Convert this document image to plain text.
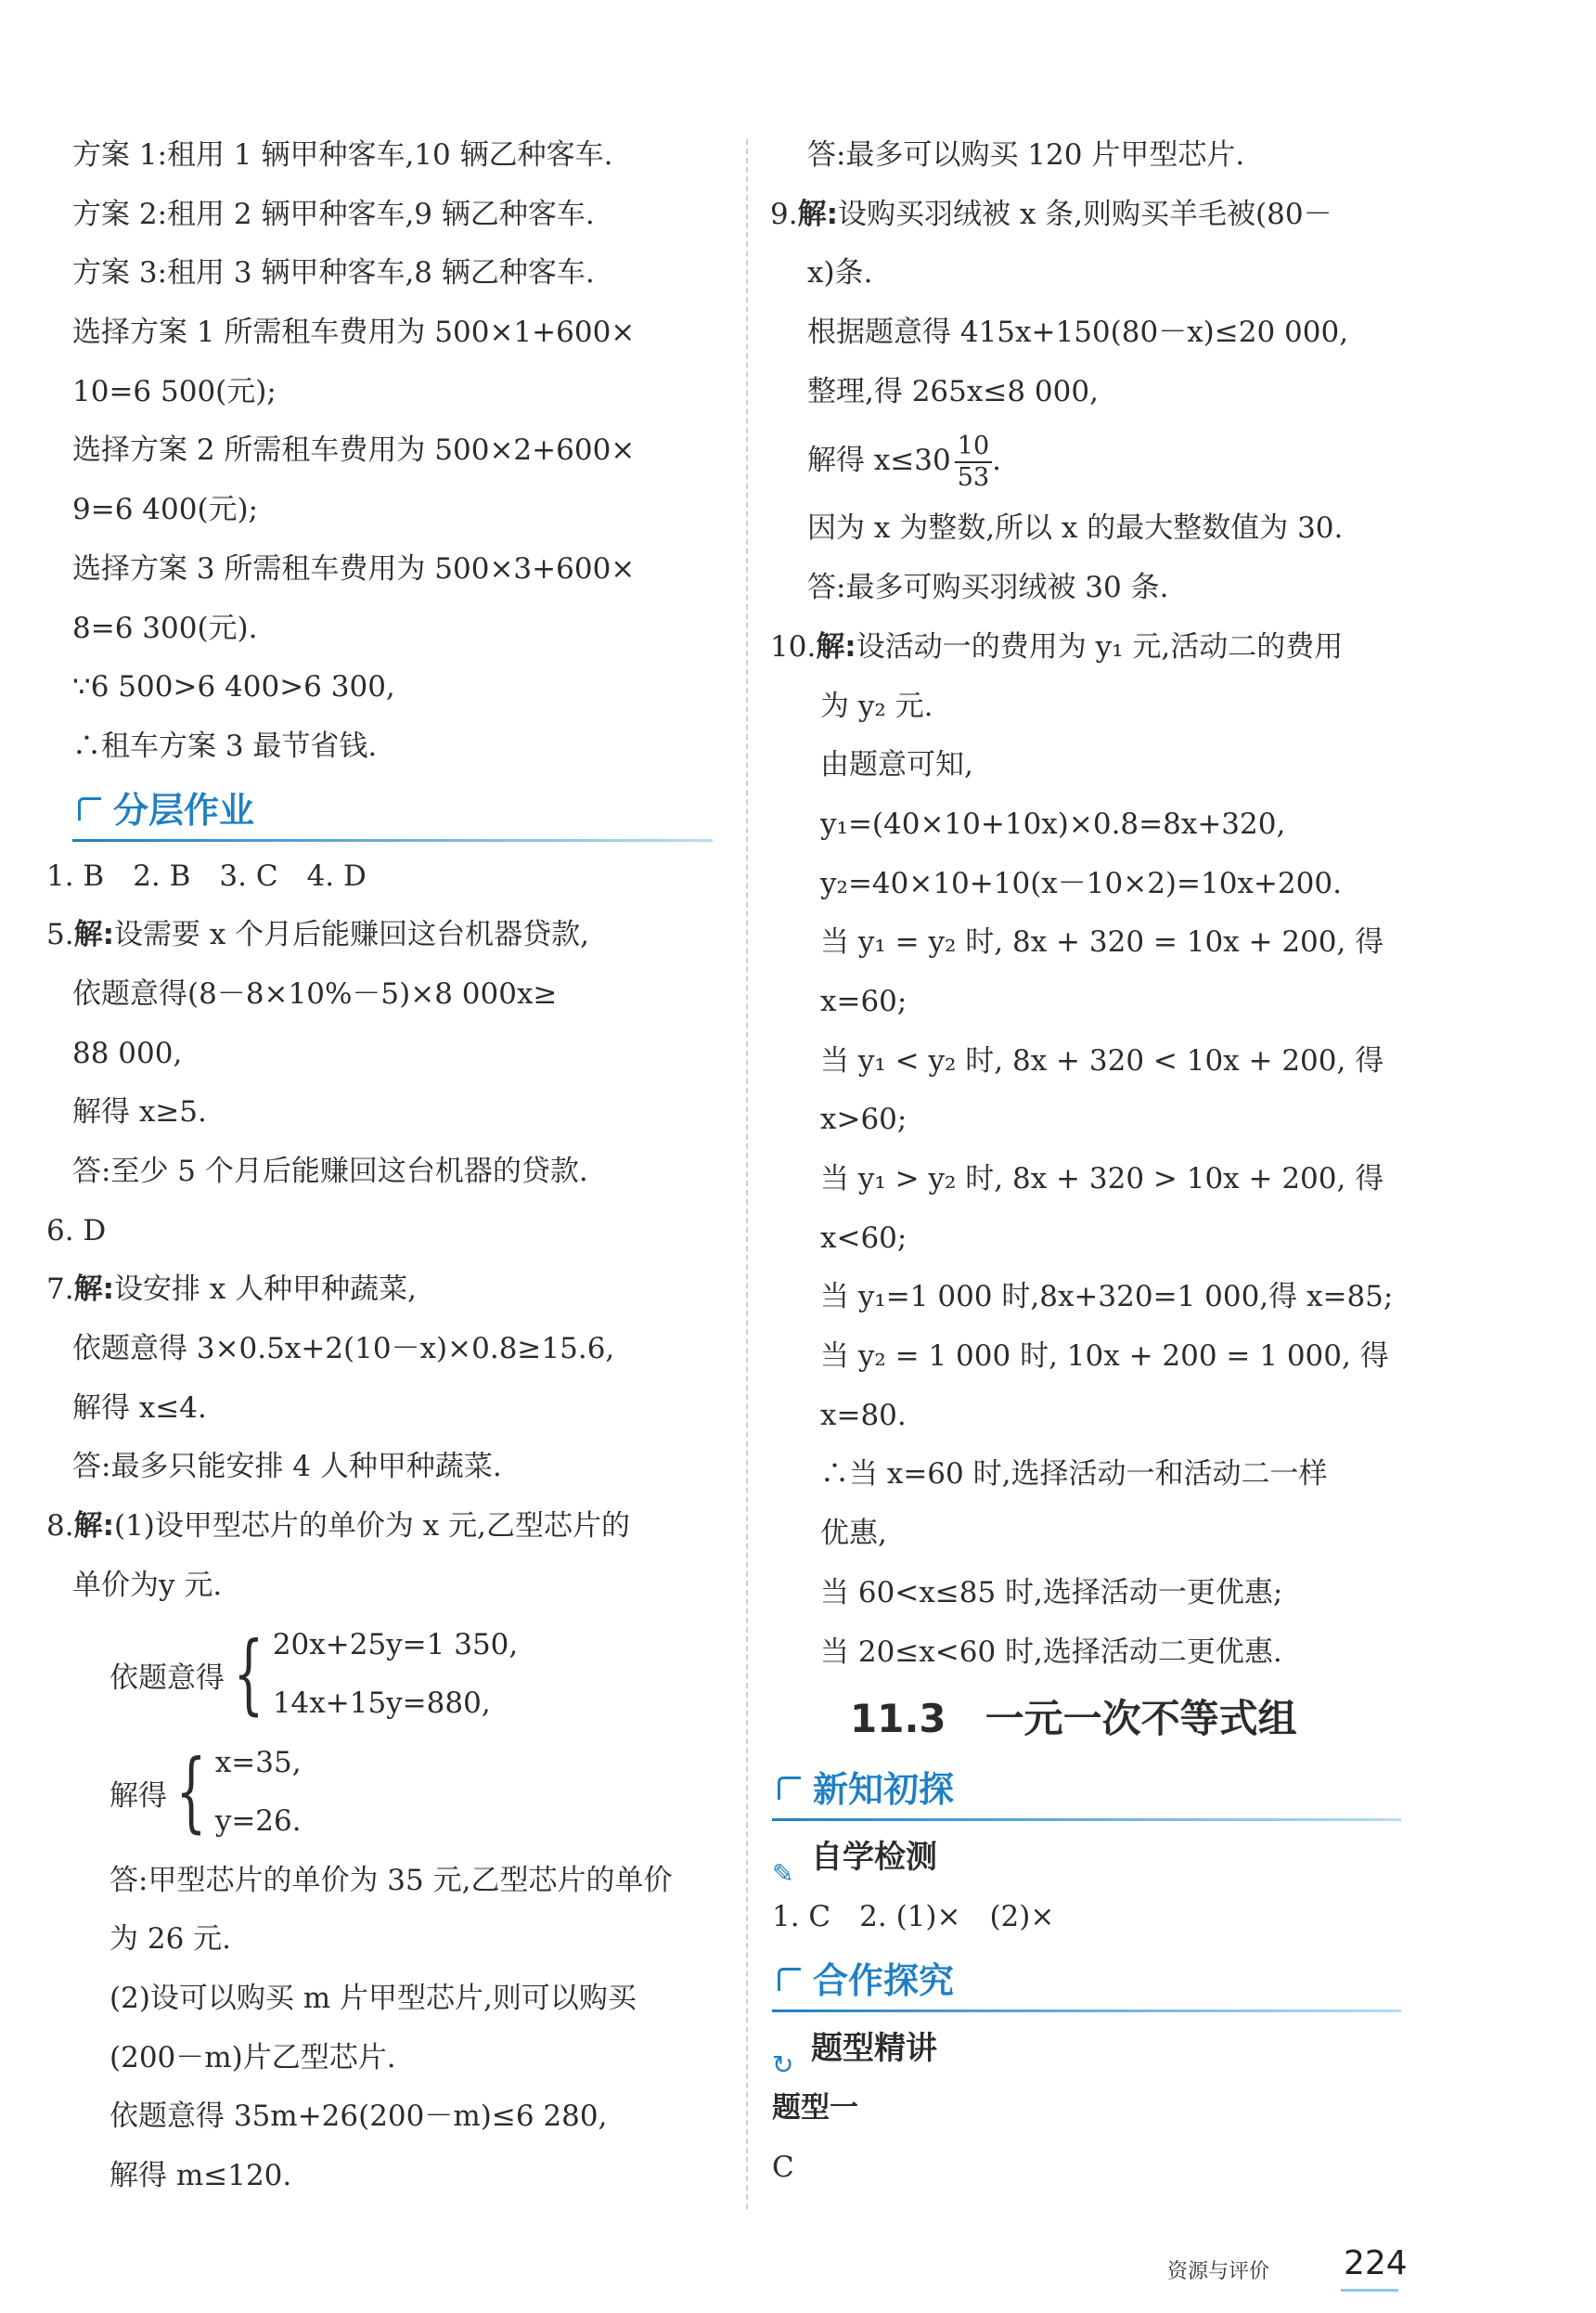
方案 1:租用 1 辆甲种客车,10 辆乙种客车.
方案 2:租用 2 辆甲种客车,9 辆乙种客车.
方案 3:租用 3 辆甲种客车,8 辆乙种客车.
选择方案 1 所需租车费用为 500×1+600×
10=6 500(元);
选择方案 2 所需租车费用为 500×2+600×
9=6 400(元);
选择方案 3 所需租车费用为 500×3+600×
8=6 300(元).
∵6 500>6 400>6 300,
∴租车方案 3 最节省钱.
分层作业
1. B　2. B　3. C　4. D
5.解:设需要 x 个月后能赚回这台机器贷款,
依题意得(8－8×10%－5)×8 000x≥
88 000,
解得 x≥5.
答:至少 5 个月后能赚回这台机器的贷款.
6. D
7.解:设安排 x 人种甲种蔬菜,
依题意得 3×0.5x+2(10－x)×0.8≥15.6,
解得 x≤4.
答:最多只能安排 4 人种甲种蔬菜.
8.解:(1)设甲型芯片的单价为 x 元,乙型芯片的
单价为y 元.
依题意得 { 20x+25y=1 350,
14x+15y=880,
解得 { x=35,
y=26.
答:甲型芯片的单价为 35 元,乙型芯片的单价
为 26 元.
(2)设可以购买 m 片甲型芯片,则可以购买
(200－m)片乙型芯片.
依题意得 35m+26(200－m)≤6 280,
解得 m≤120.
答:最多可以购买 120 片甲型芯片.
9.解:设购买羽绒被 x 条,则购买羊毛被(80－
x)条.
根据题意得 415x+150(80－x)≤20 000,
整理,得 265x≤8 000,
解得 $x\le 30 \frac{10}{53}$ .
因为 x 为整数,所以 x 的最大整数值为 30.
答:最多可购买羽绒被 30 条.
10.解:设活动一的费用为 y₁ 元,活动二的费用
为 y₂ 元.
由题意可知,
y₁=(40×10+10x)×0.8=8x+320,
y₂=40×10+10(x－10×2)=10x+200.
当 y₁ = y₂ 时, 8x + 320 = 10x + 200, 得
x=60;
当 y₁ < y₂ 时, 8x + 320 < 10x + 200, 得
x>60;
当 y₁ > y₂ 时, 8x + 320 > 10x + 200, 得
x<60;
当 y₁=1 000 时,8x+320=1 000,得 x=85;
当 y₂ = 1 000 时, 10x + 200 = 1 000, 得
x=80.
∴当 x=60 时,选择活动一和活动二一样
优惠,
当 60<x≤85 时,选择活动一更优惠;
当 20≤x<60 时,选择活动二更优惠.
11.3　一元一次不等式组
新知初探
✎ 自学检测
1. C　2. (1)×　(2)×
合作探究
↻ 题型精讲
题型一
C
资源与评价 224
